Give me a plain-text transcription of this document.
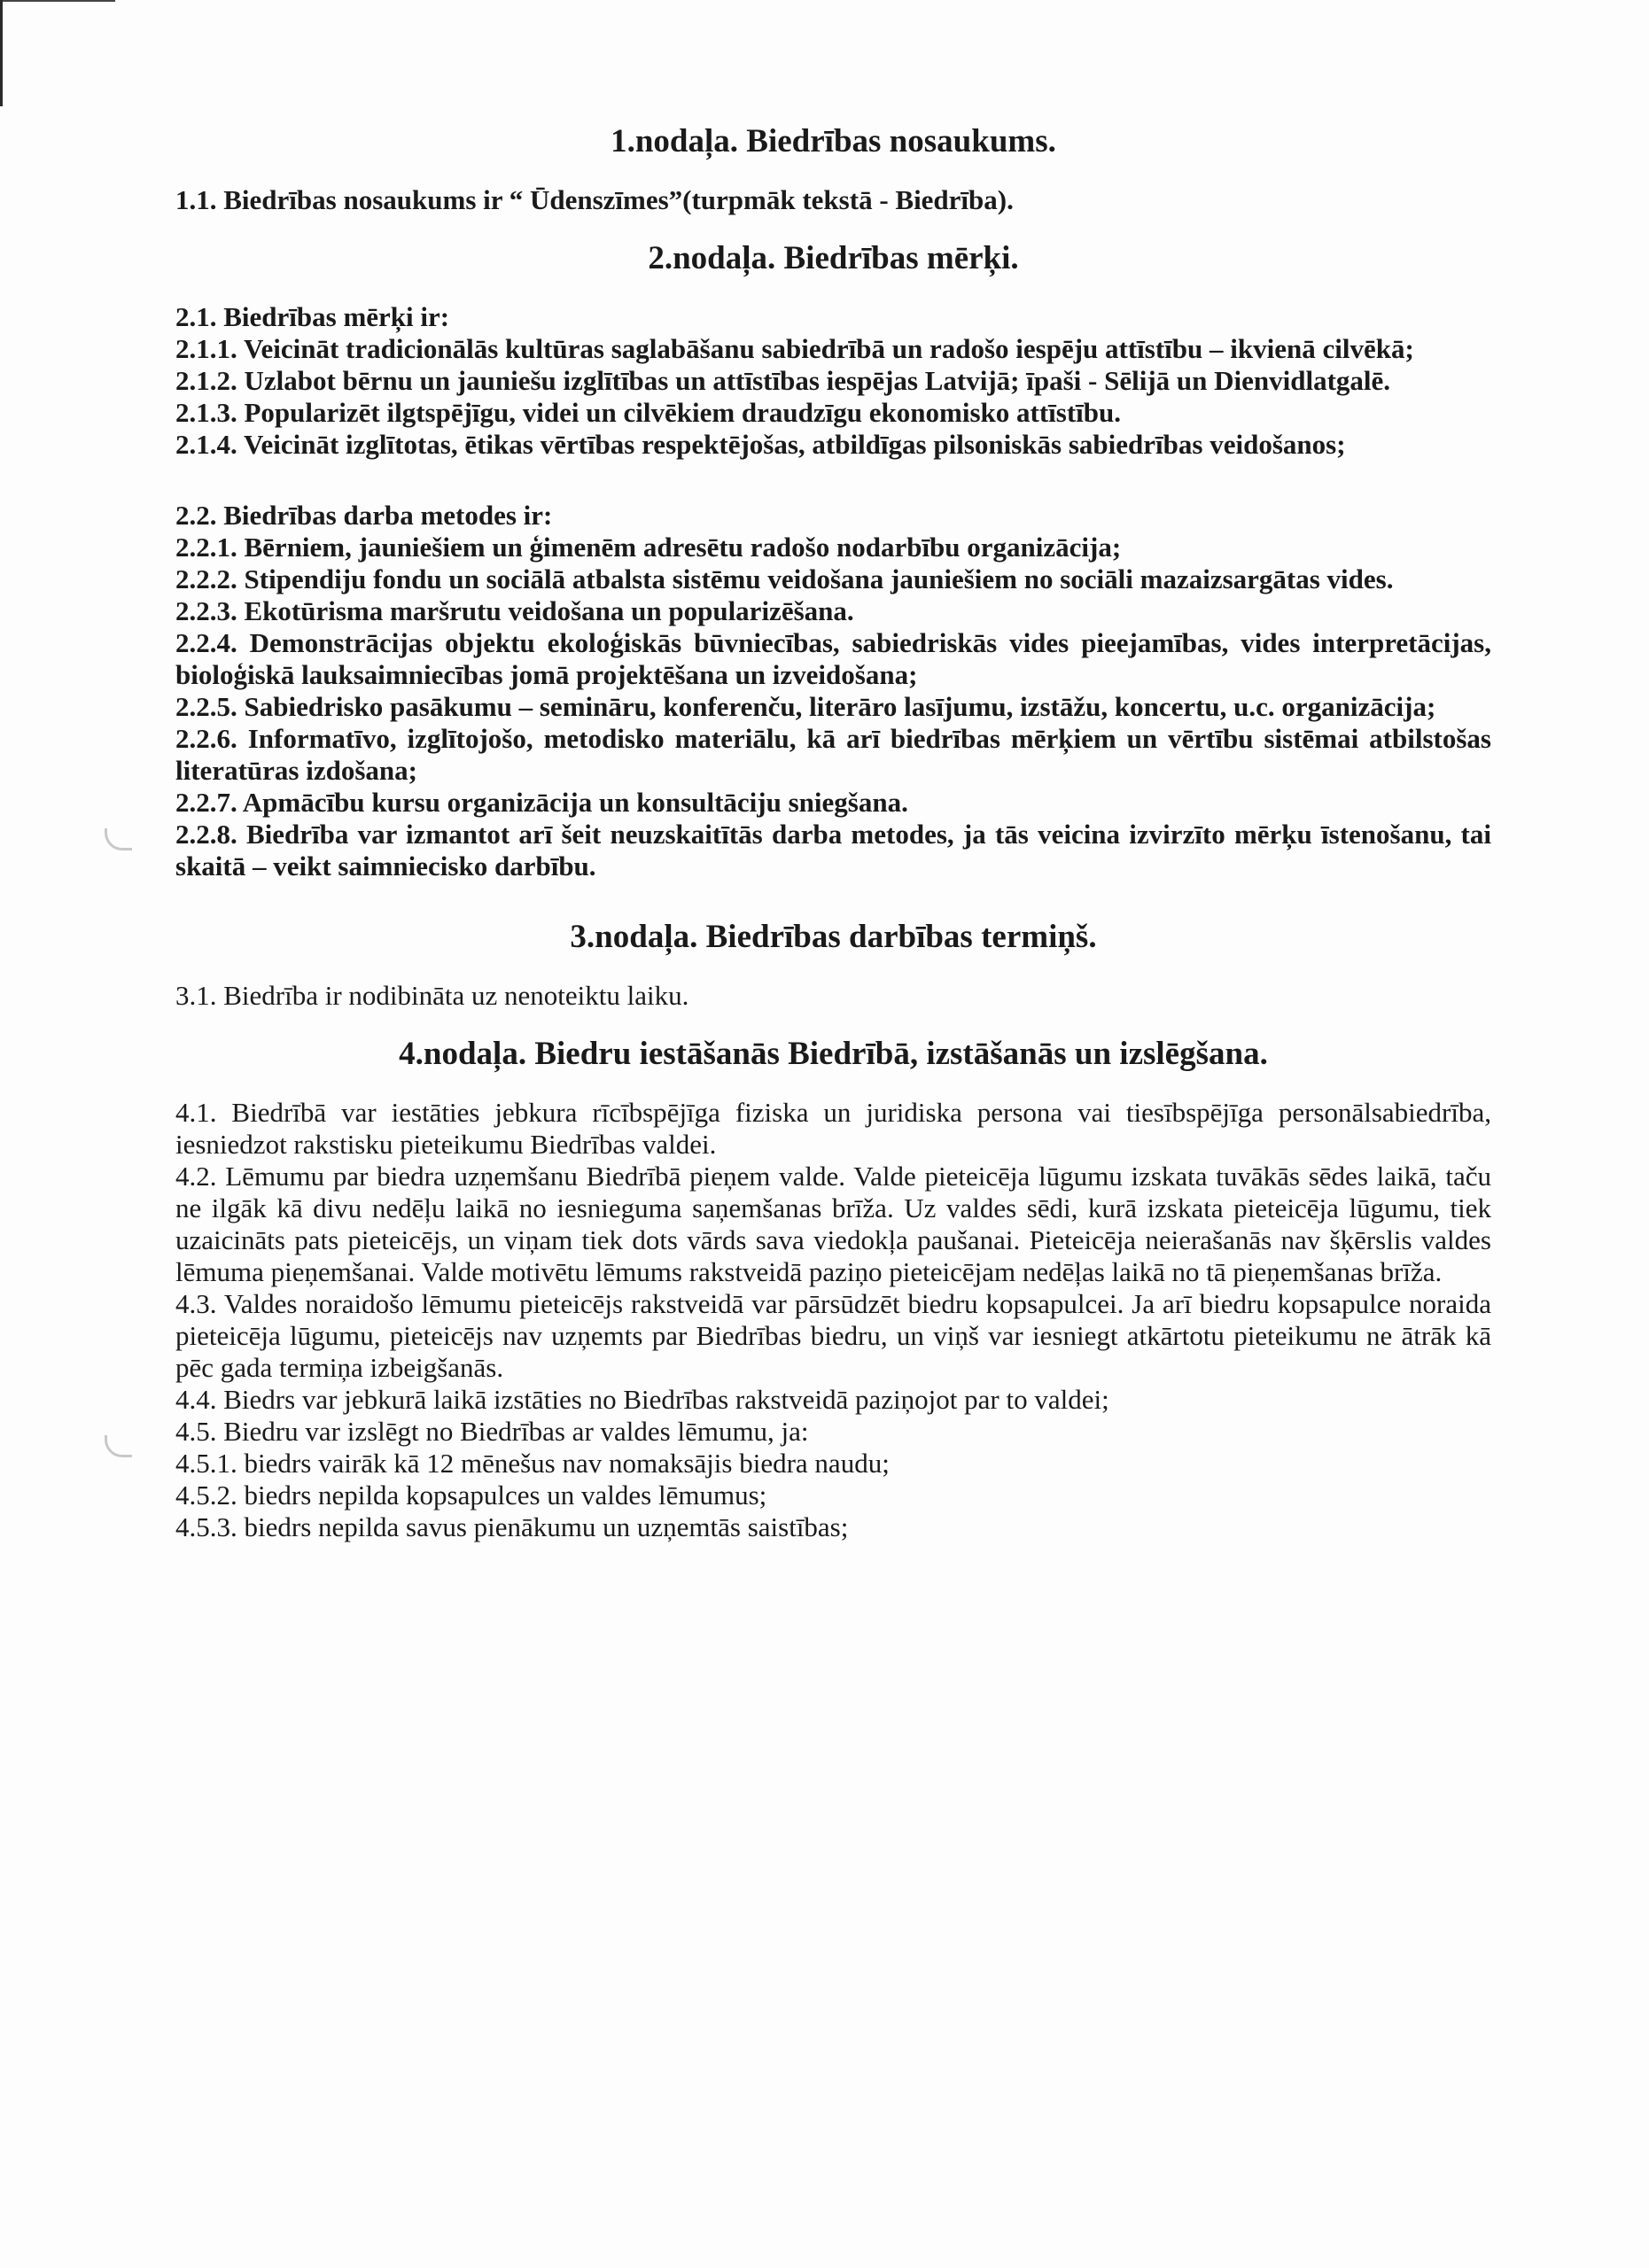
1.nodaļa. Biedrības nosaukums.

1.1. Biedrības nosaukums ir “ Ūdenszīmes”(turpmāk tekstā - Biedrība).

2.nodaļa. Biedrības mērķi.

2.1. Biedrības mērķi ir:

2.1.1. Veicināt tradicionālās kultūras saglabāšanu sabiedrībā un radošo iespēju attīstību – ikvienā cilvēkā;

2.1.2. Uzlabot bērnu un jauniešu izglītības un attīstības iespējas Latvijā; īpaši - Sēlijā un Dienvidlatgalē.

2.1.3. Popularizēt ilgtspējīgu, videi un cilvēkiem draudzīgu ekonomisko attīstību.

2.1.4. Veicināt izglītotas, ētikas vērtības respektējošas, atbildīgas pilsoniskās sabiedrības veidošanos;

2.2. Biedrības darba metodes ir:

2.2.1. Bērniem, jauniešiem un ģimenēm adresētu radošo nodarbību organizācija;

2.2.2. Stipendiju fondu un sociālā atbalsta sistēmu veidošana jauniešiem no sociāli mazaizsargātas vides.

2.2.3. Ekotūrisma maršrutu veidošana un popularizēšana.

2.2.4. Demonstrācijas objektu ekoloģiskās būvniecības, sabiedriskās vides pieejamības, vides interpretācijas, bioloģiskā lauksaimniecības jomā projektēšana un izveidošana;

2.2.5. Sabiedrisko pasākumu – semināru, konferenču, literāro lasījumu, izstāžu, koncertu, u.c. organizācija;

2.2.6. Informatīvo, izglītojošo, metodisko materiālu, kā arī biedrības mērķiem un vērtību sistēmai atbilstošas literatūras izdošana;

2.2.7. Apmācību kursu organizācija un konsultāciju sniegšana.

2.2.8. Biedrība var izmantot arī šeit neuzskaitītās darba metodes, ja tās veicina izvirzīto mērķu īstenošanu, tai skaitā – veikt saimniecisko darbību.

3.nodaļa. Biedrības darbības termiņš.

3.1. Biedrība ir nodibināta uz nenoteiktu laiku.

4.nodaļa. Biedru iestāšanās Biedrībā, izstāšanās un izslēgšana.

4.1. Biedrībā var iestāties jebkura rīcībspējīga fiziska un juridiska persona vai tiesībspējīga personālsabiedrība, iesniedzot rakstisku pieteikumu Biedrības valdei.

4.2. Lēmumu par biedra uzņemšanu Biedrībā pieņem valde. Valde pieteicēja lūgumu izskata tuvākās sēdes laikā, taču ne ilgāk kā divu nedēļu laikā no iesnieguma saņemšanas brīža. Uz valdes sēdi, kurā izskata pieteicēja lūgumu, tiek uzaicināts pats pieteicējs, un viņam tiek dots vārds sava viedokļa paušanai. Pieteicēja neierašanās nav šķērslis valdes lēmuma pieņemšanai. Valde motivētu lēmums rakstveidā paziņo pieteicējam nedēļas laikā no tā pieņemšanas brīža.

4.3. Valdes noraidošo lēmumu pieteicējs rakstveidā var pārsūdzēt biedru kopsapulcei. Ja arī biedru kopsapulce noraida pieteicēja lūgumu, pieteicējs nav uzņemts par Biedrības biedru, un viņš var iesniegt atkārtotu pieteikumu ne ātrāk kā pēc gada termiņa izbeigšanās.

4.4. Biedrs var jebkurā laikā izstāties no Biedrības rakstveidā paziņojot par to valdei;

4.5. Biedru var izslēgt no Biedrības ar valdes lēmumu, ja:

4.5.1. biedrs vairāk kā 12 mēnešus nav nomaksājis biedra naudu;

4.5.2. biedrs nepilda kopsapulces un valdes lēmumus;

4.5.3. biedrs nepilda savus pienākumu un uzņemtās saistības;
